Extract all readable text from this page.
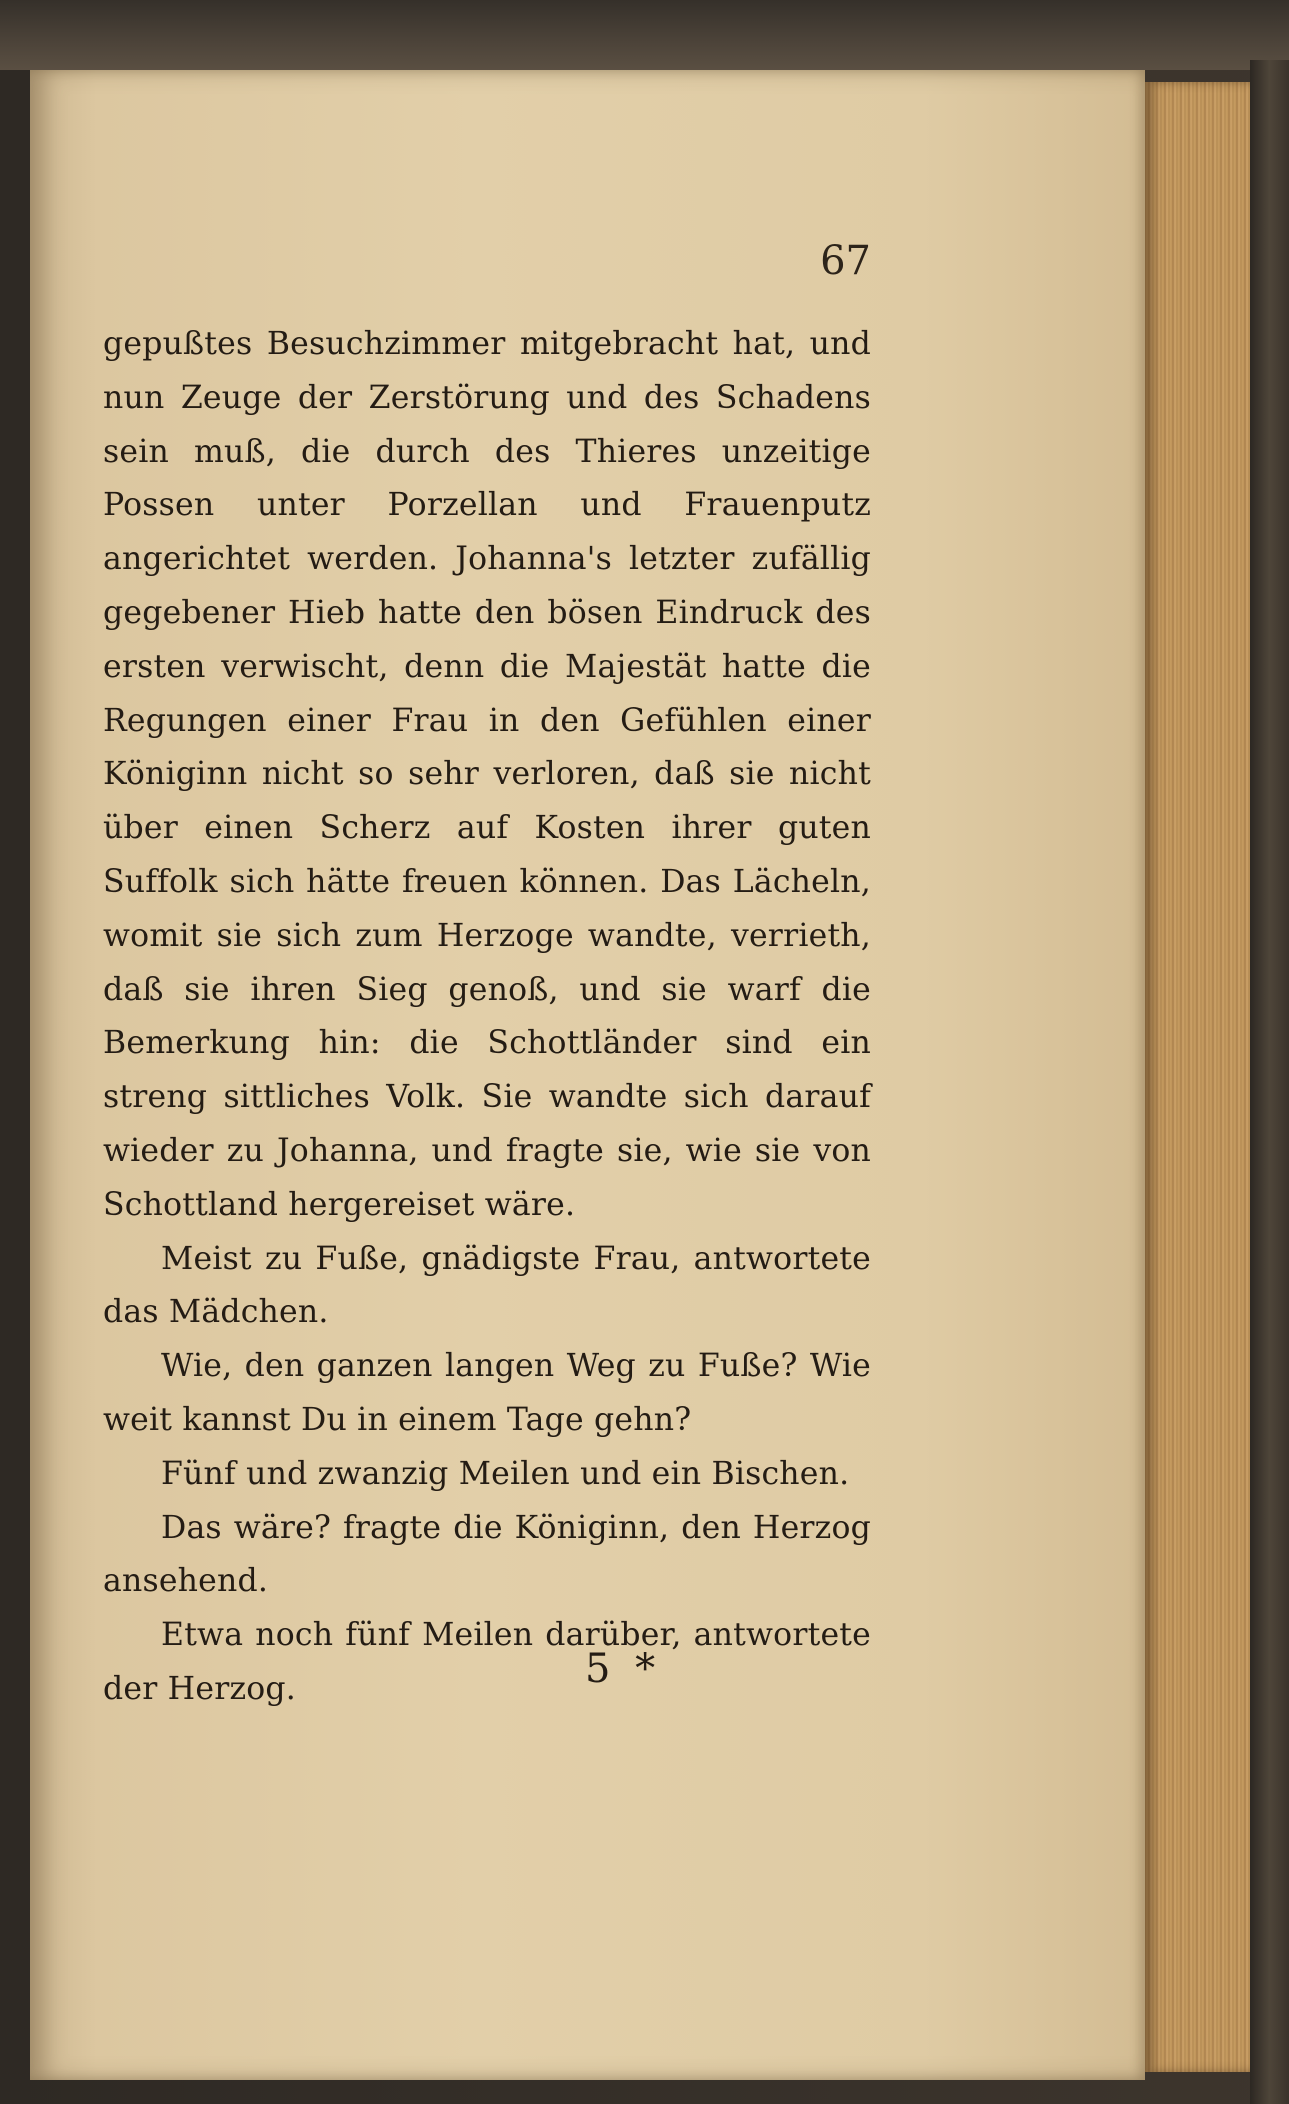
67

gepußtes Besuchzimmer mitgebracht hat, und nun Zeuge der Zerstörung und des Schadens sein muß, die durch des Thieres unzeitige Possen unter Porzellan und Frauenputz angerichtet werden. Johanna's letzter zufällig gegebener Hieb hatte den bösen Eindruck des ersten verwischt, denn die Majestät hatte die Regungen einer Frau in den Gefühlen einer Königinn nicht so sehr verloren, daß sie nicht über einen Scherz auf Kosten ihrer guten Suffolk sich hätte freuen können. Das Lächeln, womit sie sich zum Herzoge wandte, verrieth, daß sie ihren Sieg genoß, und sie warf die Bemerkung hin: die Schottländer sind ein streng sittliches Volk. Sie wandte sich darauf wieder zu Johanna, und fragte sie, wie sie von Schottland hergereiset wäre.

Meist zu Fuße, gnädigste Frau, antwortete das Mädchen.

Wie, den ganzen langen Weg zu Fuße? Wie weit kannst Du in einem Tage gehn?

Fünf und zwanzig Meilen und ein Bischen.

Das wäre? fragte die Königinn, den Herzog ansehend.

Etwa noch fünf Meilen darüber, antwortete der Herzog.	5 *
